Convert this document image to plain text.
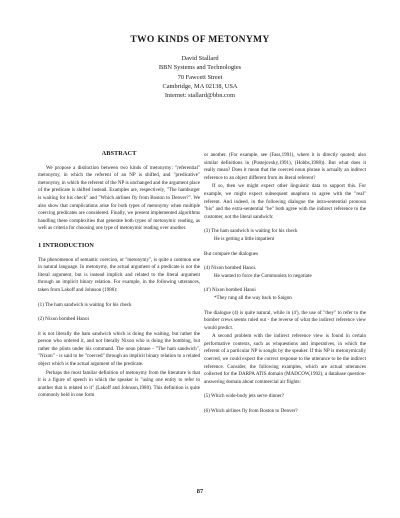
TWO KINDS OF METONYMY
David Stallard
BBN Systems and Technologies
70 Fawcett Street
Cambridge, MA 02138, USA
Internet: stallard@bbn.com
ABSTRACT

We propose a distinction between two kinds of metonymy: "referential" metonymy, in which the referent of an NP is shifted, and "predicative" metonymy, in which the referent of the NP is unchanged and the argument place of the predicate is shifted instead. Examples are, respectively, "The hamburger is waiting for his check" and "Which airlines fly from Boston to Denver?". We also show that complications arise for both types of metonymy when multiple coercing predicates are considered. Finally, we present implemented algorithms handling these complexities that generate both types of metonymic reading, as well as criteria for choosing one type of metonymic reading over another.

1 INTRODUCTION

The phenomenon of semantic coercion, or "metonymy", is quite a common one in natural language. In metonymy, the actual argument of a predicate is not the literal argument, but is instead implicit and related to the literal argument through an implicit binary relation. For example, in the following utterances, taken from Lakoff and Johnson (1980):

(1) The ham sandwich is waiting for his check
(2) Nixon bombed Hanoi

it is not literally the ham sandwich which is doing the waiting, but rather the person who ordered it, and not literally Nixon who is doing the bombing, but rather the pilots under his command. The noun phrase - "The ham sandwich", "Nixon" - is said to be "coerced" through an implicit binary relation to a related object which is the actual argument of the predicate.

Perhaps the most familar definition of metonymy from the literature is that it is a figure of speech in which the speaker is "using one entity to refer to another that is related to it" (Lakoff and Johnson,1980). This definition is quite commonly held in one form

or another. (For example, see (Fass,1991), where it is directly quoted; also similar definitions in (Pustejovsky,1991), (Hobbs,1988)). But what does it really mean? Does it mean that the coerced noun phrase is actually an indirect reference to an object different from its literal referent?

If so, then we might expect other linguistic data to support this. For example, we might expect subsequent anaphora to agree with the "real" referent. And indeed, in the following dialogue the intra-sentential pronoun "his" and the extra-sentential "he" both agree with the indirect reference to the customer, not the literal sandwich:

(3) The ham sandwich is waiting for his check
He is getting a little impatient

But compare the dialogues

(4) Nixon bombed Hanoi.
He wanted to force the Communists to negotiate
(4') Nixon bombed Hanoi
*They rang all the way back to Saigon

The dialogue (4) is quite natural, while in (4'), the use of "they" to refer to the bomber crews seems ruled out - the reverse of what the indirect reference view would predict.

A second problem with the indirect reference view is found in certain performative contexts, such as whquestions and imperatives, in which the referent of a particular NP is sought by the speaker. If this NP is metonymically coerced, we could expect the correct response to the utterance to be the indirect reference. Consider, the following examples, which are actual utterances collected for the DARPA ATIS domain (MADCOW,1992), a database question-answering domain about commercial air flights:

(5) Which wide-body jets serve dinner?
(6) Which airlines fly from Boston to Denver?
87
